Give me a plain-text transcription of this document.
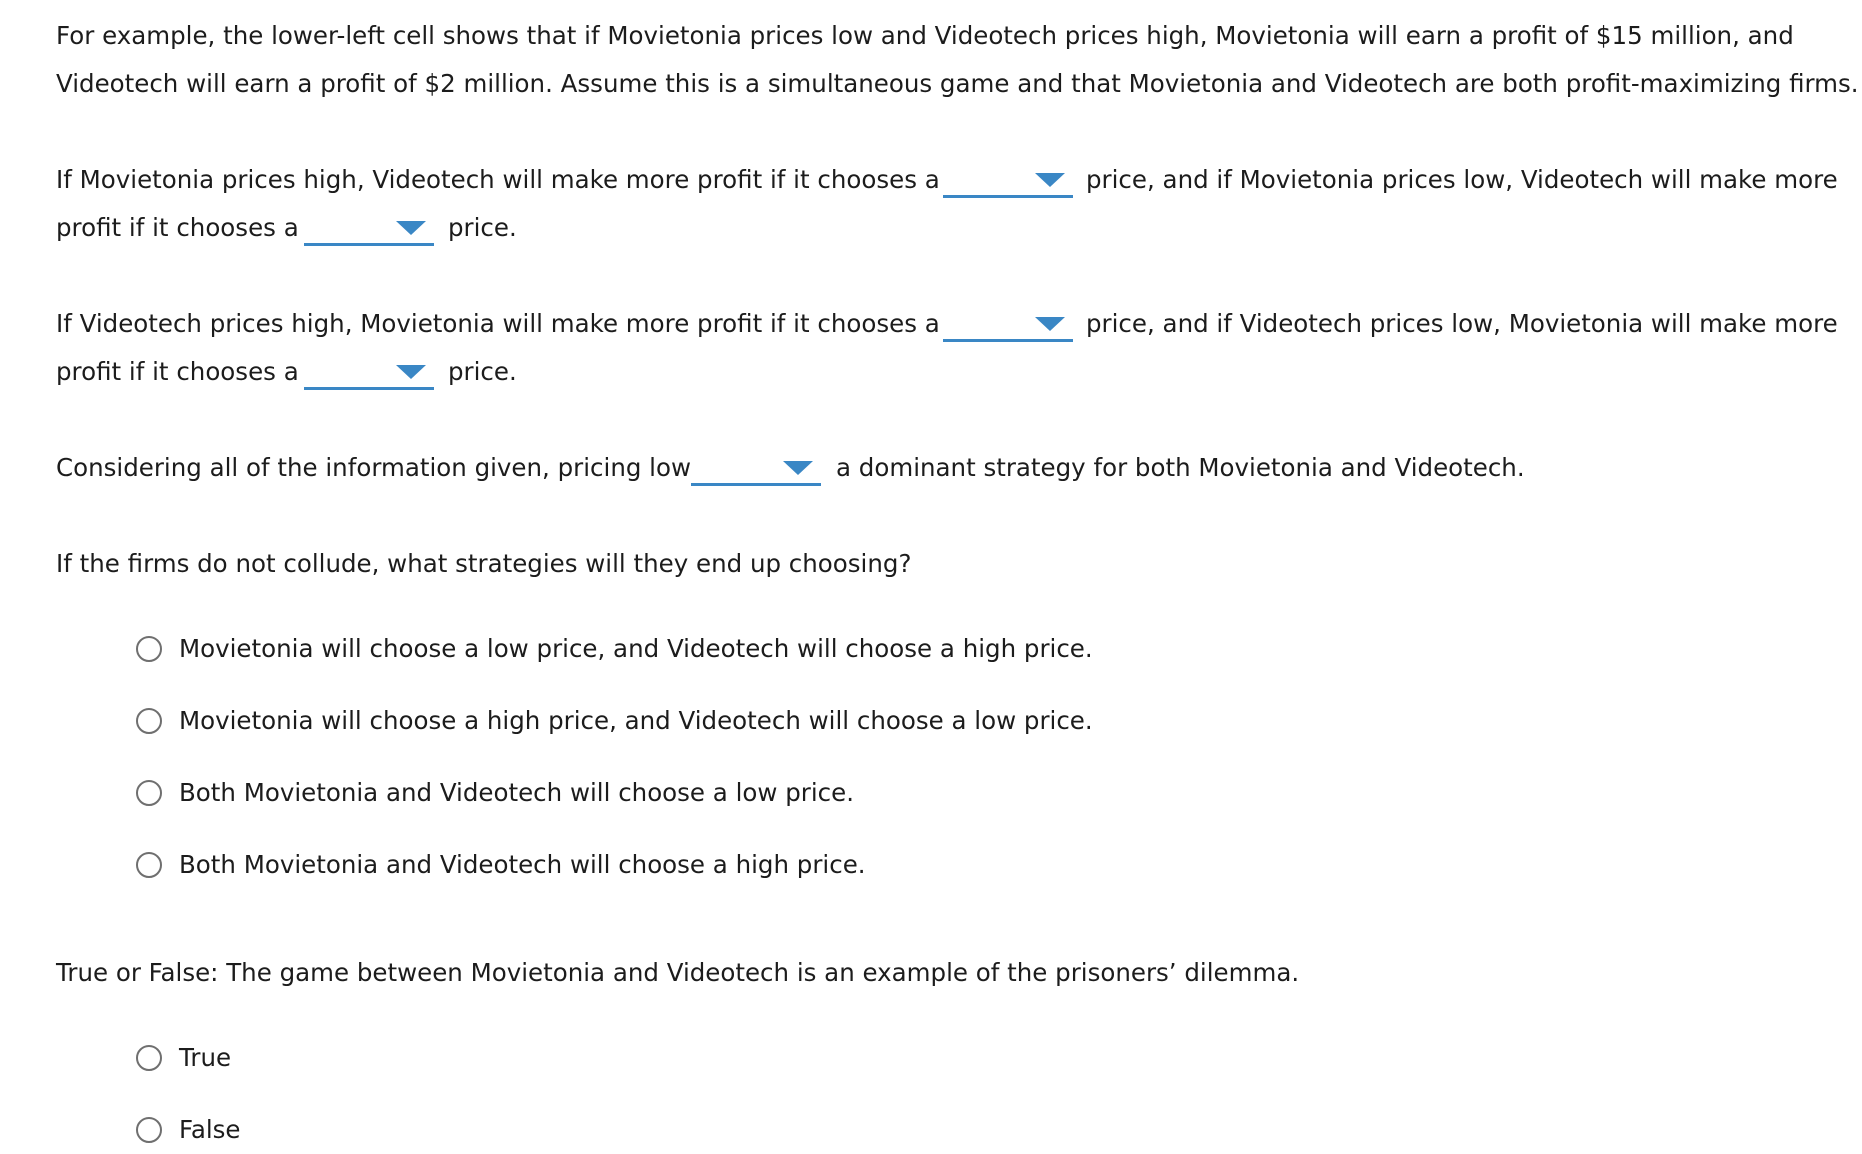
For example, the lower-left cell shows that if Movietonia prices low and Videotech prices high, Movietonia will earn a profit of $15 million, and
Videotech will earn a profit of $2 million. Assume this is a simultaneous game and that Movietonia and Videotech are both profit-maximizing firms.
If Movietonia prices high, Videotech will make more profit if it chooses a	price, and if Movietonia prices low, Videotech will make more
profit if it chooses a	price.
If Videotech prices high, Movietonia will make more profit if it chooses a	price, and if Videotech prices low, Movietonia will make more
profit if it chooses a	price.
Considering all of the information given, pricing low	a dominant strategy for both Movietonia and Videotech.
If the firms do not collude, what strategies will they end up choosing?
Movietonia will choose a low price, and Videotech will choose a high price.
Movietonia will choose a high price, and Videotech will choose a low price.
Both Movietonia and Videotech will choose a low price.
Both Movietonia and Videotech will choose a high price.
True or False: The game between Movietonia and Videotech is an example of the prisoners’ dilemma.
True
False
